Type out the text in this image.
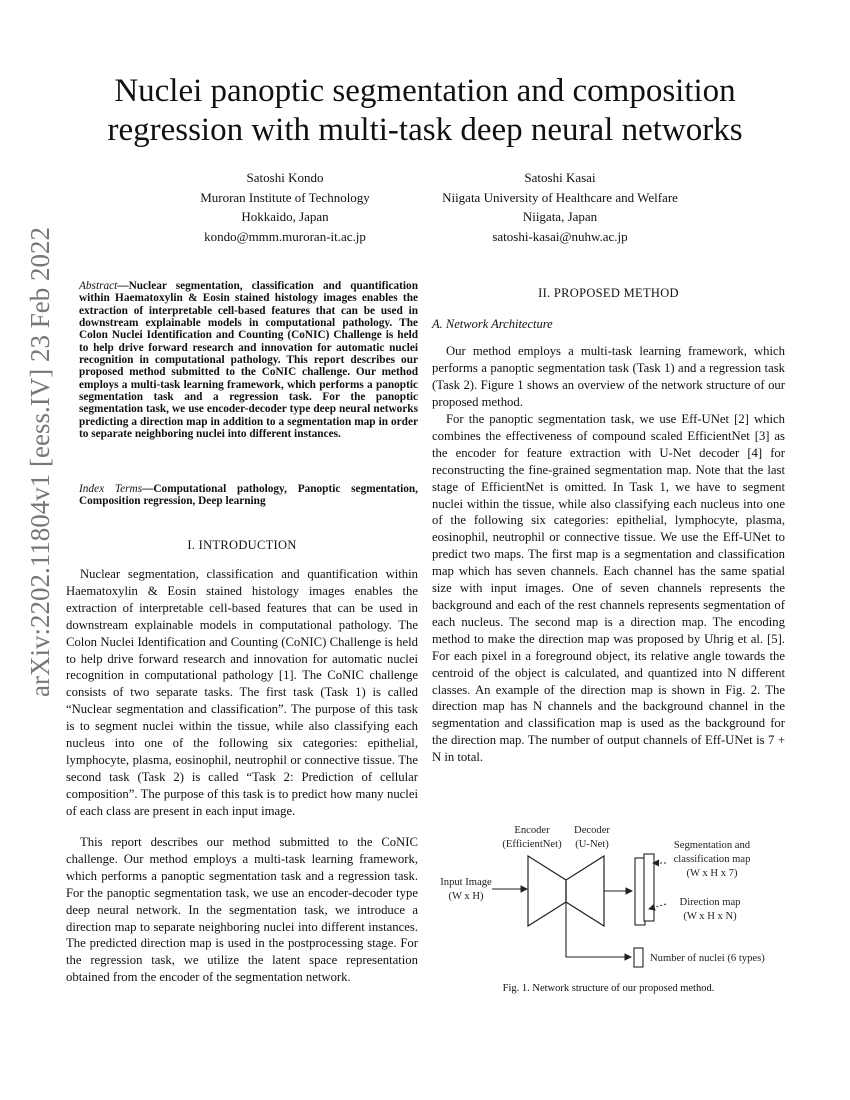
Nuclei panoptic segmentation and composition
regression with multi-task deep neural networks
Satoshi Kondo
Muroran Institute of Technology
Hokkaido, Japan
kondo@mmm.muroran-it.ac.jp
Satoshi Kasai
Niigata University of Healthcare and Welfare
Niigata, Japan
satoshi-kasai@nuhw.ac.jp
arXiv:2202.11804v1 [eess.IV] 23 Feb 2022	Abstract—Nuclear segmentation, classification and quantification within Haematoxylin & Eosin stained histology images enables the extraction of interpretable cell-based features that can be used in downstream explainable models in computational pathology. The Colon Nuclei Identification and Counting (CoNIC) Challenge is held to help drive forward research and innovation for automatic nuclei recognition in computational pathology. This report describes our proposed method submitted to the CoNIC challenge. Our method employs a multi-task learning framework, which performs a panoptic segmentation task and a regression task. For the panoptic segmentation task, we use encoder-decoder type deep neural networks predicting a direction map in addition to a segmentation map in order to separate neighboring nuclei into different instances.
Index Terms—Computational pathology, Panoptic segmentation, Composition regression, Deep learning
I. INTRODUCTION
Nuclear segmentation, classification and quantification within Haematoxylin & Eosin stained histology images enables the extraction of interpretable cell-based features that can be used in downstream explainable models in computational pathology. The Colon Nuclei Identification and Counting (CoNIC) Challenge is held to help drive forward research and innovation for automatic nuclei recognition in computational pathology [1]. The CoNIC challenge consists of two separate tasks. The first task (Task 1) is called “Nuclear segmentation and classification”. The purpose of this task is to segment nuclei within the tissue, while also classifying each nucleus into one of the following six categories: epithelial, lymphocyte, plasma, eosinophil, neutrophil or connective tissue. The second task (Task 2) is called “Task 2: Prediction of cellular composition”. The purpose of this task is to predict how many nuclei of each class are present in each input image.
This report describes our method submitted to the CoNIC challenge. Our method employs a multi-task learning framework, which performs a panoptic segmentation task and a regression task. For the panoptic segmentation task, we use an encoder-decoder type deep neural network. In the segmentation task, we introduce a direction map to separate neighboring nuclei into different instances. The predicted direction map is used in the postprocessing stage. For the regression task, we utilize the latent space representation obtained from the encoder of the segmentation network.
II. PROPOSED METHOD
A. Network Architecture
Our method employs a multi-task learning framework, which performs a panoptic segmentation task (Task 1) and a regression task (Task 2). Figure 1 shows an overview of the network structure of our proposed method.
For the panoptic segmentation task, we use Eff-UNet [2] which combines the effectiveness of compound scaled EfficientNet [3] as the encoder for feature extraction with U-Net decoder [4] for reconstructing the fine-grained segmentation map. Note that the last stage of EfficientNet is omitted. In Task 1, we have to segment nuclei within the tissue, while also classifying each nucleus into one of the following six categories: epithelial, lymphocyte, plasma, eosinophil, neutrophil or connective tissue. We use the Eff-UNet to predict two maps. The first map is a segmentation and classification map which has seven channels. Each channel has the same spatial size with input images. One of seven channels represents the background and each of the rest channels represents segmentation of each nucleus. The second map is a direction map. The encoding method to make the direction map was proposed by Uhrig et al. [5]. For each pixel in a foreground object, its relative angle towards the centroid of the object is calculated, and quantized into N different classes. An example of the direction map is shown in Fig. 2. The direction map has N channels and the background channel in the segmentation and classification map is used as the background for the direction map. The number of output channels of Eff-UNet is 7 + N in total.
Encoder
(EfficientNet)
Decoder
(U-Net)
Input Image
(W x H)
Segmentation and
classification map
(W x H x 7)
Direction map
(W x H x N)
Number of nuclei (6 types)
Fig. 1. Network structure of our proposed method.
